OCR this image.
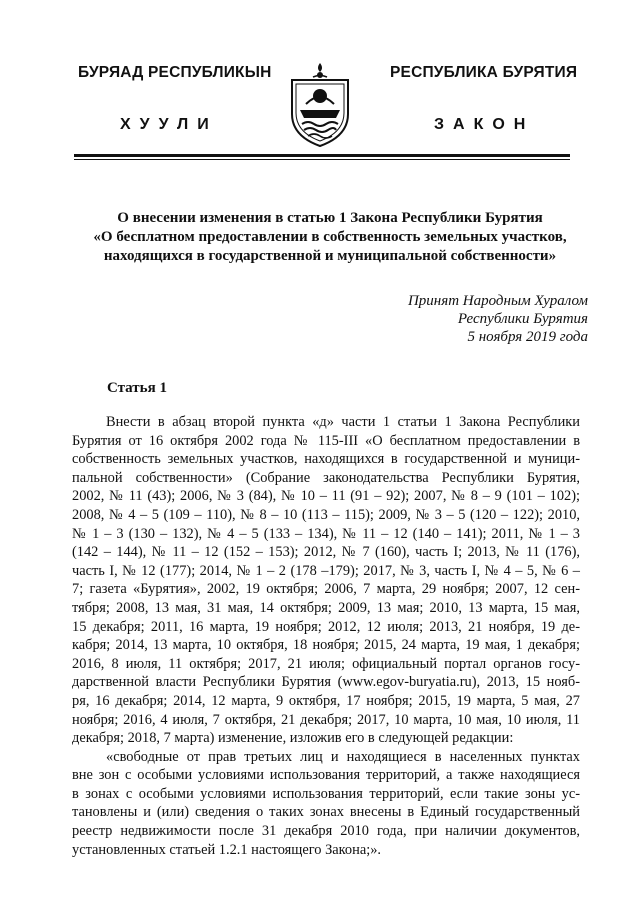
БУРЯАД РЕСПУБЛИКЫН	РЕСПУБЛИКА БУРЯТИЯ
ХУУЛИ	ЗАКОН
О внесении изменения в статью 1 Закона Республики Бурятия
«О бесплатном предоставлении в собственность земельных участков,
находящихся в государственной и муниципальной собственности»
Принят Народным Хуралом
Республики Бурятия
5 ноября 2019 года
Статья 1
Внести в абзац второй пункта «д» части 1 статьи 1 Закона Республики
Бурятия от 16 октября 2002 года № 115-III «О бесплатном предоставлении в
собственность земельных участков, находящихся в государственной и муници-
пальной собственности» (Собрание законодательства Республики Бурятия,
2002, № 11 (43); 2006, № 3 (84), № 10 – 11 (91 – 92); 2007, № 8 – 9 (101 – 102);
2008, № 4 – 5 (109 – 110), № 8 – 10 (113 – 115); 2009, № 3 – 5 (120 – 122); 2010,
№ 1 – 3 (130 – 132), № 4 – 5 (133 – 134), № 11 – 12 (140 – 141); 2011, № 1 – 3
(142 – 144), № 11 – 12 (152 – 153); 2012, № 7 (160), часть I; 2013, № 11 (176),
часть I, № 12 (177); 2014, № 1 – 2 (178 –179); 2017, № 3, часть I, № 4 – 5, № 6 –
7; газета «Бурятия», 2002, 19 октября; 2006, 7 марта, 29 ноября; 2007, 12 сен-
тября; 2008, 13 мая, 31 мая, 14 октября; 2009, 13 мая; 2010, 13 марта, 15 мая,
15 декабря; 2011, 16 марта, 19 ноября; 2012, 12 июля; 2013, 21 ноября, 19 де-
кабря; 2014, 13 марта, 10 октября, 18 ноября; 2015, 24 марта, 19 мая, 1 декабря;
2016, 8 июля, 11 октября; 2017, 21 июля; официальный портал органов госу-
дарственной власти Республики Бурятия (www.egov-buryatia.ru), 2013, 15 нояб-
ря, 16 декабря; 2014, 12 марта, 9 октября, 17 ноября; 2015, 19 марта, 5 мая, 27
ноября; 2016, 4 июля, 7 октября, 21 декабря; 2017, 10 марта, 10 мая, 10 июля, 11
декабря; 2018, 7 марта) изменение, изложив его в следующей редакции:
«свободные от прав третьих лиц и находящиеся в населенных пунктах
вне зон с особыми условиями использования территорий, а также находящиеся
в зонах с особыми условиями использования территорий, если такие зоны ус-
тановлены и (или) сведения о таких зонах внесены в Единый государственный
реестр недвижимости после 31 декабря 2010 года, при наличии документов,
установленных статьей 1.2.1 настоящего Закона;».
